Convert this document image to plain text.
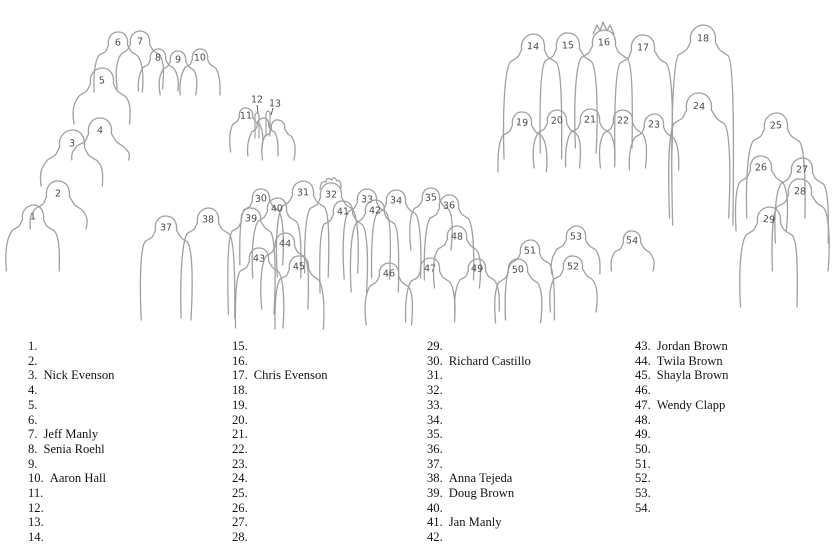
1
2
3
4
5
6 7
8 9 10
11
12 13
14 15 16	17
18
19 20 21 22 23
24
25
26	27
28
29
30
31 32 33 34 35
36
37
38	39
40	41 42
43
44
45
46	47
48
49	50
51
52
53	54
1.
2.
3. Nick Evenson
4.
5.
6.
7. Jeff Manly
8. Senia Roehl
9.
10. Aaron Hall
11.
12.
13.
14.
15.
16.
17. Chris Evenson
18.
19.
20.
21.
22.
23.
24.
25.
26.
27.
28.
29.
30. Richard Castillo
31.
32.
33.
34.
35.
36.
37.
38. Anna Tejeda
39. Doug Brown
40.
41. Jan Manly
42.
43. Jordan Brown
44. Twila Brown
45. Shayla Brown
46.
47. Wendy Clapp
48.
49.
50.
51.
52.
53.
54.
